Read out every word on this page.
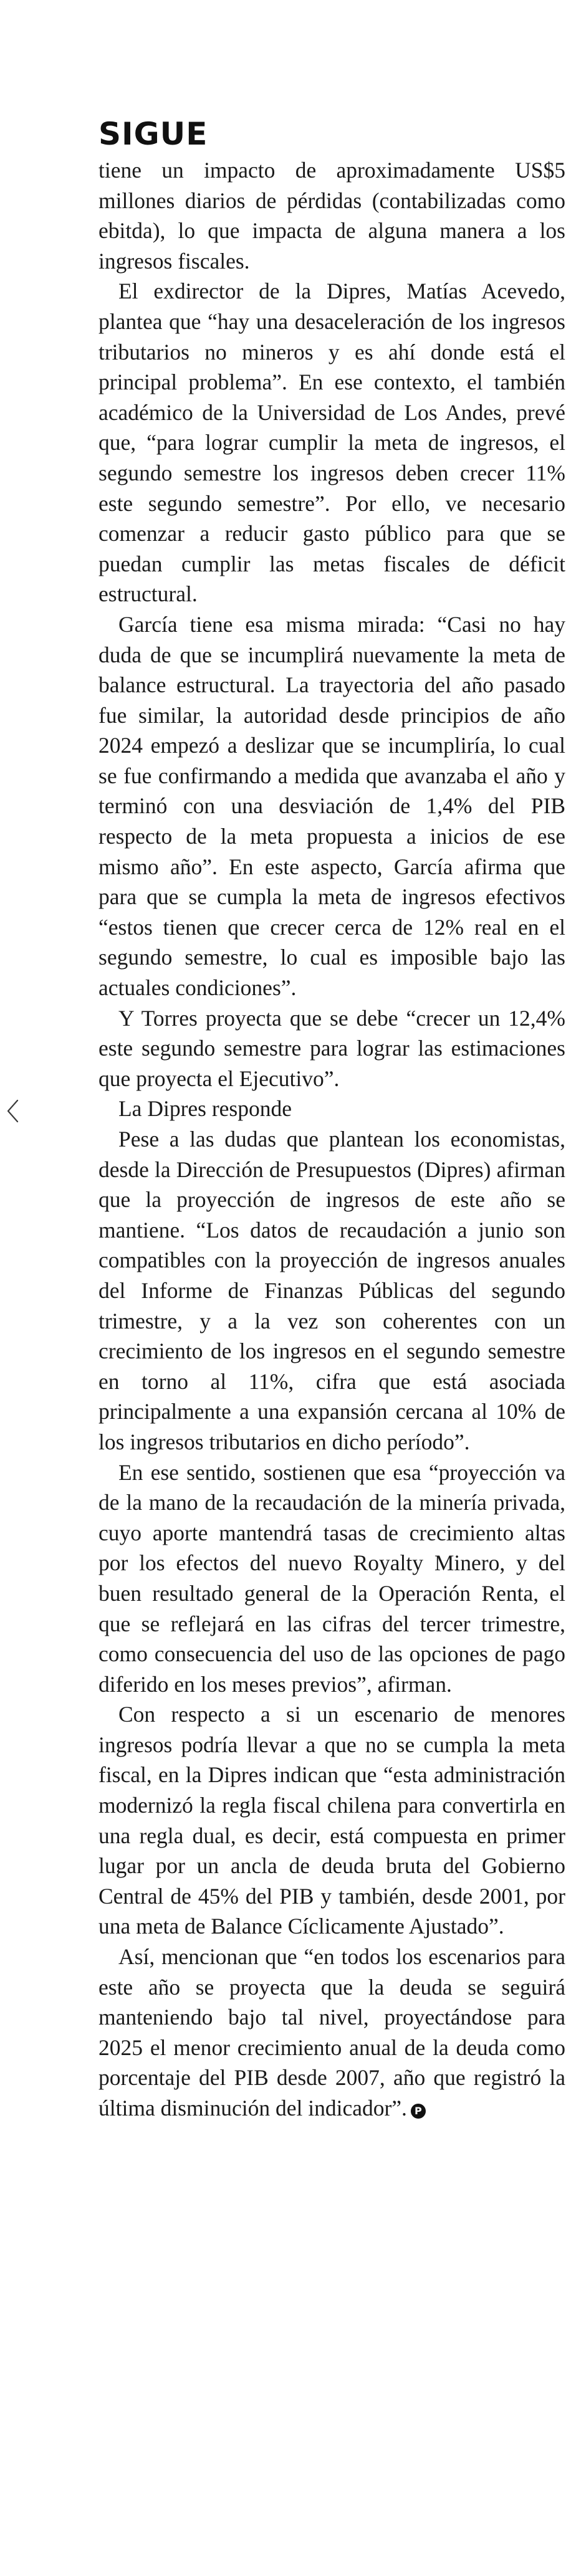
SIGUE

tiene un impacto de aproximadamente US$5 millones diarios de pérdidas (contabilizadas como ebitda), lo que impacta de alguna manera a los ingresos fiscales.

El exdirector de la Dipres, Matías Acevedo, plantea que “hay una desaceleración de los ingresos tributarios no mineros y es ahí donde está el principal problema”. En ese contexto, el también académico de la Universidad de Los Andes, prevé que, “para lograr cumplir la meta de ingresos, el segundo semestre los ingresos deben crecer 11% este segundo semestre”. Por ello, ve necesario comenzar a reducir gasto público para que se puedan cumplir las metas fiscales de déficit estructural.

García tiene esa misma mirada: “Casi no hay duda de que se incumplirá nuevamente la meta de balance estructural. La trayectoria del año pasado fue similar, la autoridad desde principios de año 2024 empezó a deslizar que se incumpliría, lo cual se fue confirmando a medida que avanzaba el año y terminó con una desviación de 1,4% del PIB respecto de la meta propuesta a inicios de ese mismo año”. En este aspecto, García afirma que para que se cumpla la meta de ingresos efectivos “estos tienen que crecer cerca de 12% real en el segundo semestre, lo cual es imposible bajo las actuales condiciones”.

Y Torres proyecta que se debe “crecer un 12,4% este segundo semestre para lograr las estimaciones que proyecta el Ejecutivo”.

La Dipres responde

Pese a las dudas que plantean los economistas, desde la Dirección de Presupuestos (Dipres) afirman que la proyección de ingresos de este año se mantiene. “Los datos de recaudación a junio son compatibles con la proyección de ingresos anuales del Informe de Finanzas Públicas del segundo trimestre, y a la vez son coherentes con un crecimiento de los ingresos en el segundo semestre en torno al 11%, cifra que está asociada principalmente a una expansión cercana al 10% de los ingresos tributarios en dicho período”.

En ese sentido, sostienen que esa “proyección va de la mano de la recaudación de la minería privada, cuyo aporte mantendrá tasas de crecimiento altas por los efectos del nuevo Royalty Minero, y del buen resultado general de la Operación Renta, el que se reflejará en las cifras del tercer trimestre, como consecuencia del uso de las opciones de pago diferido en los meses previos”, afirman.

Con respecto a si un escenario de menores ingresos podría llevar a que no se cumpla la meta fiscal, en la Dipres indican que “esta administración modernizó la regla fiscal chilena para convertirla en una regla dual, es decir, está compuesta en primer lugar por un ancla de deuda bruta del Gobierno Central de 45% del PIB y también, desde 2001, por una meta de Balance Cíclicamente Ajustado”.

Así, mencionan que “en todos los escenarios para este año se proyecta que la deuda se seguirá manteniendo bajo tal nivel, proyectándose para 2025 el menor crecimiento anual de la deuda como porcentaje del PIB desde 2007, año que registró la última disminución del indicador”. P
